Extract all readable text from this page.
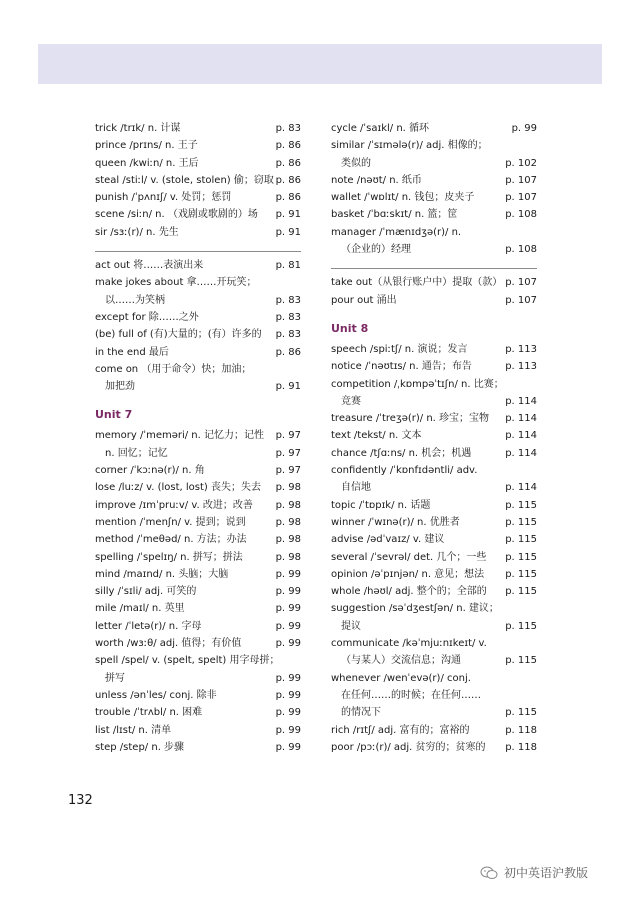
trick /trɪk/ n. 计谋	p. 83
prince /prɪns/ n. 王子	p. 86
queen /kwiːn/ n. 王后	p. 86
steal /stiːl/ v. (stole, stolen) 偷；窃取 p. 86
punish /ˈpʌnɪʃ/ v. 处罚；惩罚	p. 86
scene /siːn/ n. （戏剧或歌剧的）场 p. 91
sir /sɜː(r)/ n. 先生	p. 91
act out 将……表演出来	p. 81
make jokes about 拿……开玩笑；
以……为笑柄	p. 83
except for 除……之外	p. 83
(be) full of (有)大量的；(有）许多的 p. 83
in the end 最后	p. 86
come on （用于命令）快；加油；
加把劲	p. 91
Unit 7
memory /ˈmeməri/ n. 记忆力；记性 p. 97
n. 回忆；记忆	p. 97
corner /ˈkɔːnə(r)/ n. 角	p. 97
lose /luːz/ v. (lost, lost) 丧失；失去 p. 98
improve /ɪmˈpruːv/ v. 改进；改善 p. 98
mention /ˈmenʃn/ v. 提到；说到	p. 98
method /ˈmeθəd/ n. 方法；办法	p. 98
spelling /ˈspelɪŋ/ n. 拼写；拼法	p. 98
mind /maɪnd/ n. 头脑；大脑	p. 99
silly /ˈsɪli/ adj. 可笑的	p. 99
mile /maɪl/ n. 英里	p. 99
letter /ˈletə(r)/ n. 字母	p. 99
worth /wɜːθ/ adj. 值得；有价值	p. 99
spell /spel/ v. (spelt, spelt) 用字母拼；
拼写	p. 99
unless /ənˈles/ conj. 除非	p. 99
trouble /ˈtrʌbl/ n. 困难	p. 99
list /lɪst/ n. 清单	p. 99
step /step/ n. 步骤	p. 99
cycle /ˈsaɪkl/ n. 循环	p. 99
similar /ˈsɪmələ(r)/ adj. 相像的；
类似的	p. 102
note /nəʊt/ n. 纸币	p. 107
wallet /ˈwɒlɪt/ n. 钱包；皮夹子	p. 107
basket /ˈbɑːskɪt/ n. 篮；筐	p. 108
manager /ˈmænɪdʒə(r)/ n.
（企业的）经理	p. 108
take out（从银行账户中）提取（款） p. 107
pour out 涌出	p. 107
Unit 8
speech /spiːtʃ/ n. 演说；发言	p. 113
notice /ˈnəʊtɪs/ n. 通告；布告	p. 113
competition /ˌkɒmpəˈtɪʃn/ n. 比赛；
竞赛	p. 114
treasure /ˈtreʒə(r)/ n. 珍宝；宝物 p. 114
text /tekst/ n. 文本	p. 114
chance /tʃɑːns/ n. 机会；机遇	p. 114
confidently /ˈkɒnfɪdəntli/ adv.
自信地	p. 114
topic /ˈtɒpɪk/ n. 话题	p. 115
winner /ˈwɪnə(r)/ n. 优胜者	p. 115
advise /ədˈvaɪz/ v. 建议	p. 115
several /ˈsevrəl/ det. 几个；一些 p. 115
opinion /əˈpɪnjən/ n. 意见；想法 p. 115
whole /həʊl/ adj. 整个的；全部的 p. 115
suggestion /səˈdʒestʃən/ n. 建议；
提议	p. 115
communicate /kəˈmjuːnɪkeɪt/ v.
（与某人）交流信息；沟通	p. 115
whenever /wenˈevə(r)/ conj.
在任何……的时候；在任何……
的情况下	p. 115
rich /rɪtʃ/ adj. 富有的；富裕的	p. 118
poor /pɔː(r)/ adj. 贫穷的；贫寒的 p. 118
132
初中英语沪教版
